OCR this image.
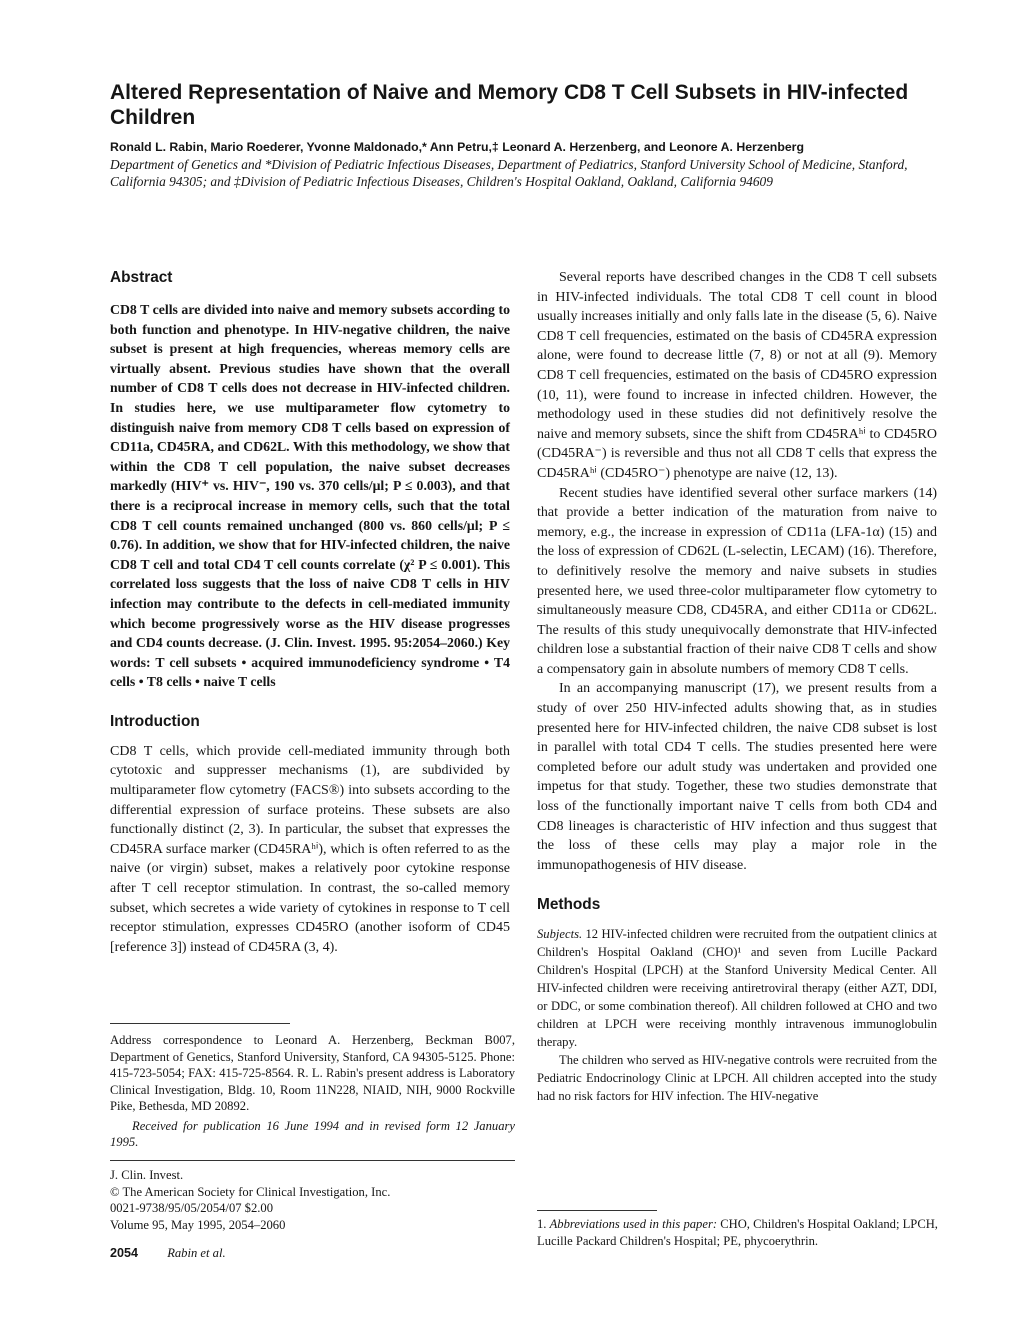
Altered Representation of Naive and Memory CD8 T Cell Subsets in HIV-infected Children
Ronald L. Rabin, Mario Roederer, Yvonne Maldonado,* Ann Petru,‡ Leonard A. Herzenberg, and Leonore A. Herzenberg
Department of Genetics and *Division of Pediatric Infectious Diseases, Department of Pediatrics, Stanford University School of Medicine, Stanford, California 94305; and ‡Division of Pediatric Infectious Diseases, Children's Hospital Oakland, Oakland, California 94609
Abstract

CD8 T cells are divided into naive and memory subsets according to both function and phenotype. In HIV-negative children, the naive subset is present at high frequencies, whereas memory cells are virtually absent. Previous studies have shown that the overall number of CD8 T cells does not decrease in HIV-infected children. In studies here, we use multiparameter flow cytometry to distinguish naive from memory CD8 T cells based on expression of CD11a, CD45RA, and CD62L. With this methodology, we show that within the CD8 T cell population, the naive subset decreases markedly (HIV⁺ vs. HIV⁻, 190 vs. 370 cells/μl; P ≤ 0.003), and that there is a reciprocal increase in memory cells, such that the total CD8 T cell counts remained unchanged (800 vs. 860 cells/μl; P ≤ 0.76). In addition, we show that for HIV-infected children, the naive CD8 T cell and total CD4 T cell counts correlate (χ² P ≤ 0.001). This correlated loss suggests that the loss of naive CD8 T cells in HIV infection may contribute to the defects in cell-mediated immunity which become progressively worse as the HIV disease progresses and CD4 counts decrease. (J. Clin. Invest. 1995. 95:2054–2060.) Key words: T cell subsets • acquired immunodeficiency syndrome • T4 cells • T8 cells • naive T cells

Introduction

CD8 T cells, which provide cell-mediated immunity through both cytotoxic and suppresser mechanisms (1), are subdivided by multiparameter flow cytometry (FACS®) into subsets according to the differential expression of surface proteins. These subsets are also functionally distinct (2, 3). In particular, the subset that expresses the CD45RA surface marker (CD45RAʰⁱ), which is often referred to as the naive (or virgin) subset, makes a relatively poor cytokine response after T cell receptor stimulation. In contrast, the so-called memory subset, which secretes a wide variety of cytokines in response to T cell receptor stimulation, expresses CD45RO (another isoform of CD45 [reference 3]) instead of CD45RA (3, 4).

Address correspondence to Leonard A. Herzenberg, Beckman B007, Department of Genetics, Stanford University, Stanford, CA 94305-5125. Phone: 415-723-5054; FAX: 415-725-8564. R. L. Rabin's present address is Laboratory Clinical Investigation, Bldg. 10, Room 11N228, NIAID, NIH, 9000 Rockville Pike, Bethesda, MD 20892.

Received for publication 16 June 1994 and in revised form 12 January 1995.

J. Clin. Invest.
© The American Society for Clinical Investigation, Inc.
0021-9738/95/05/2054/07 $2.00
Volume 95, May 1995, 2054–2060
2054 Rabin et al.

Several reports have described changes in the CD8 T cell subsets in HIV-infected individuals. The total CD8 T cell count in blood usually increases initially and only falls late in the disease (5, 6). Naive CD8 T cell frequencies, estimated on the basis of CD45RA expression alone, were found to decrease little (7, 8) or not at all (9). Memory CD8 T cell frequencies, estimated on the basis of CD45RO expression (10, 11), were found to increase in infected children. However, the methodology used in these studies did not definitively resolve the naive and memory subsets, since the shift from CD45RAʰⁱ to CD45RO (CD45RA⁻) is reversible and thus not all CD8 T cells that express the CD45RAʰⁱ (CD45RO⁻) phenotype are naive (12, 13).

Recent studies have identified several other surface markers (14) that provide a better indication of the maturation from naive to memory, e.g., the increase in expression of CD11a (LFA-1α) (15) and the loss of expression of CD62L (L-selectin, LECAM) (16). Therefore, to definitively resolve the memory and naive subsets in studies presented here, we used three-color multiparameter flow cytometry to simultaneously measure CD8, CD45RA, and either CD11a or CD62L. The results of this study unequivocally demonstrate that HIV-infected children lose a substantial fraction of their naive CD8 T cells and show a compensatory gain in absolute numbers of memory CD8 T cells.

In an accompanying manuscript (17), we present results from a study of over 250 HIV-infected adults showing that, as in studies presented here for HIV-infected children, the naive CD8 subset is lost in parallel with total CD4 T cells. The studies presented here were completed before our adult study was undertaken and provided one impetus for that study. Together, these two studies demonstrate that loss of the functionally important naive T cells from both CD4 and CD8 lineages is characteristic of HIV infection and thus suggest that the loss of these cells may play a major role in the immunopathogenesis of HIV disease.

Methods

Subjects. 12 HIV-infected children were recruited from the outpatient clinics at Children's Hospital Oakland (CHO)¹ and seven from Lucille Packard Children's Hospital (LPCH) at the Stanford University Medical Center. All HIV-infected children were receiving antiretroviral therapy (either AZT, DDI, or DDC, or some combination thereof). All children followed at CHO and two children at LPCH were receiving monthly intravenous immunoglobulin therapy.

The children who served as HIV-negative controls were recruited from the Pediatric Endocrinology Clinic at LPCH. All children accepted into the study had no risk factors for HIV infection. The HIV-negative

1. Abbreviations used in this paper: CHO, Children's Hospital Oakland; LPCH, Lucille Packard Children's Hospital; PE, phycoerythrin.
